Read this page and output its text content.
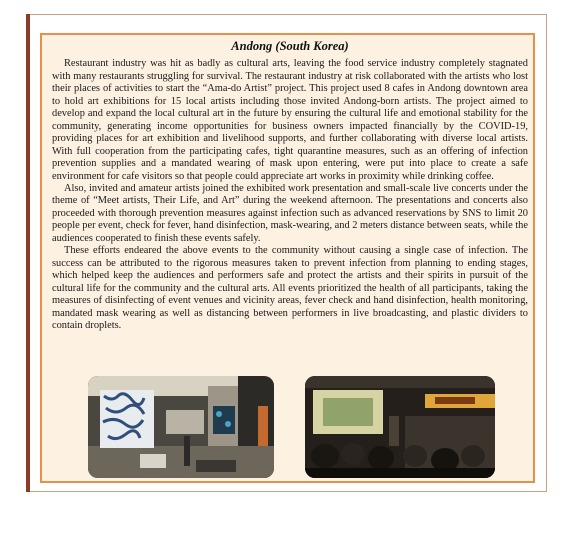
Andong (South Korea)

Restaurant industry was hit as badly as cultural arts, leaving the food service industry completely stagnated with many restaurants struggling for survival. The restaurant industry at risk collaborated with the artists who lost their places of activities to start the “Ama-do Artist” project. This project used 8 cafes in Andong downtown area to hold art exhibitions for 15 local artists including those invited Andong-born artists. The project aimed to develop and expand the local cultural art in the future by ensuring the cultural life and emotional stability for the community, generating income opportunities for business owners impacted financially by the COVID-19, providing places for art exhibition and livelihood supports, and further collaborating with diverse local artists. With full cooperation from the participating cafes, tight quarantine measures, such as an offering of infection prevention supplies and a mandated wearing of mask upon entering, were put into place to create a safe environment for cafe visitors so that people could appreciate art works in proximity while drinking coffee.

Also, invited and amateur artists joined the exhibited work presentation and small-scale live concerts under the theme of “Meet artists, Their Life, and Art” during the weekend afternoon. The presentations and concerts also proceeded with thorough prevention measures against infection such as advanced reservations by SNS to limit 20 people per event, check for fever, hand disinfection, mask-wearing, and 2 meters distance between seats, while the audiences cooperated to finish these events safely.

These efforts endeared the above events to the community without causing a single case of infection. The success can be attributed to the rigorous measures taken to prevent infection from planning to ending stages, which helped keep the audiences and performers safe and protect the artists and their spirits in pursuit of the cultural life for the community and the cultural arts. All events prioritized the health of all participants, taking the measures of disinfecting of event venues and vicinity areas, fever check and hand disinfection, health monitoring, mandated mask wearing as well as distancing between performers in live broadcasting, and plastic dividers to contain droplets.
